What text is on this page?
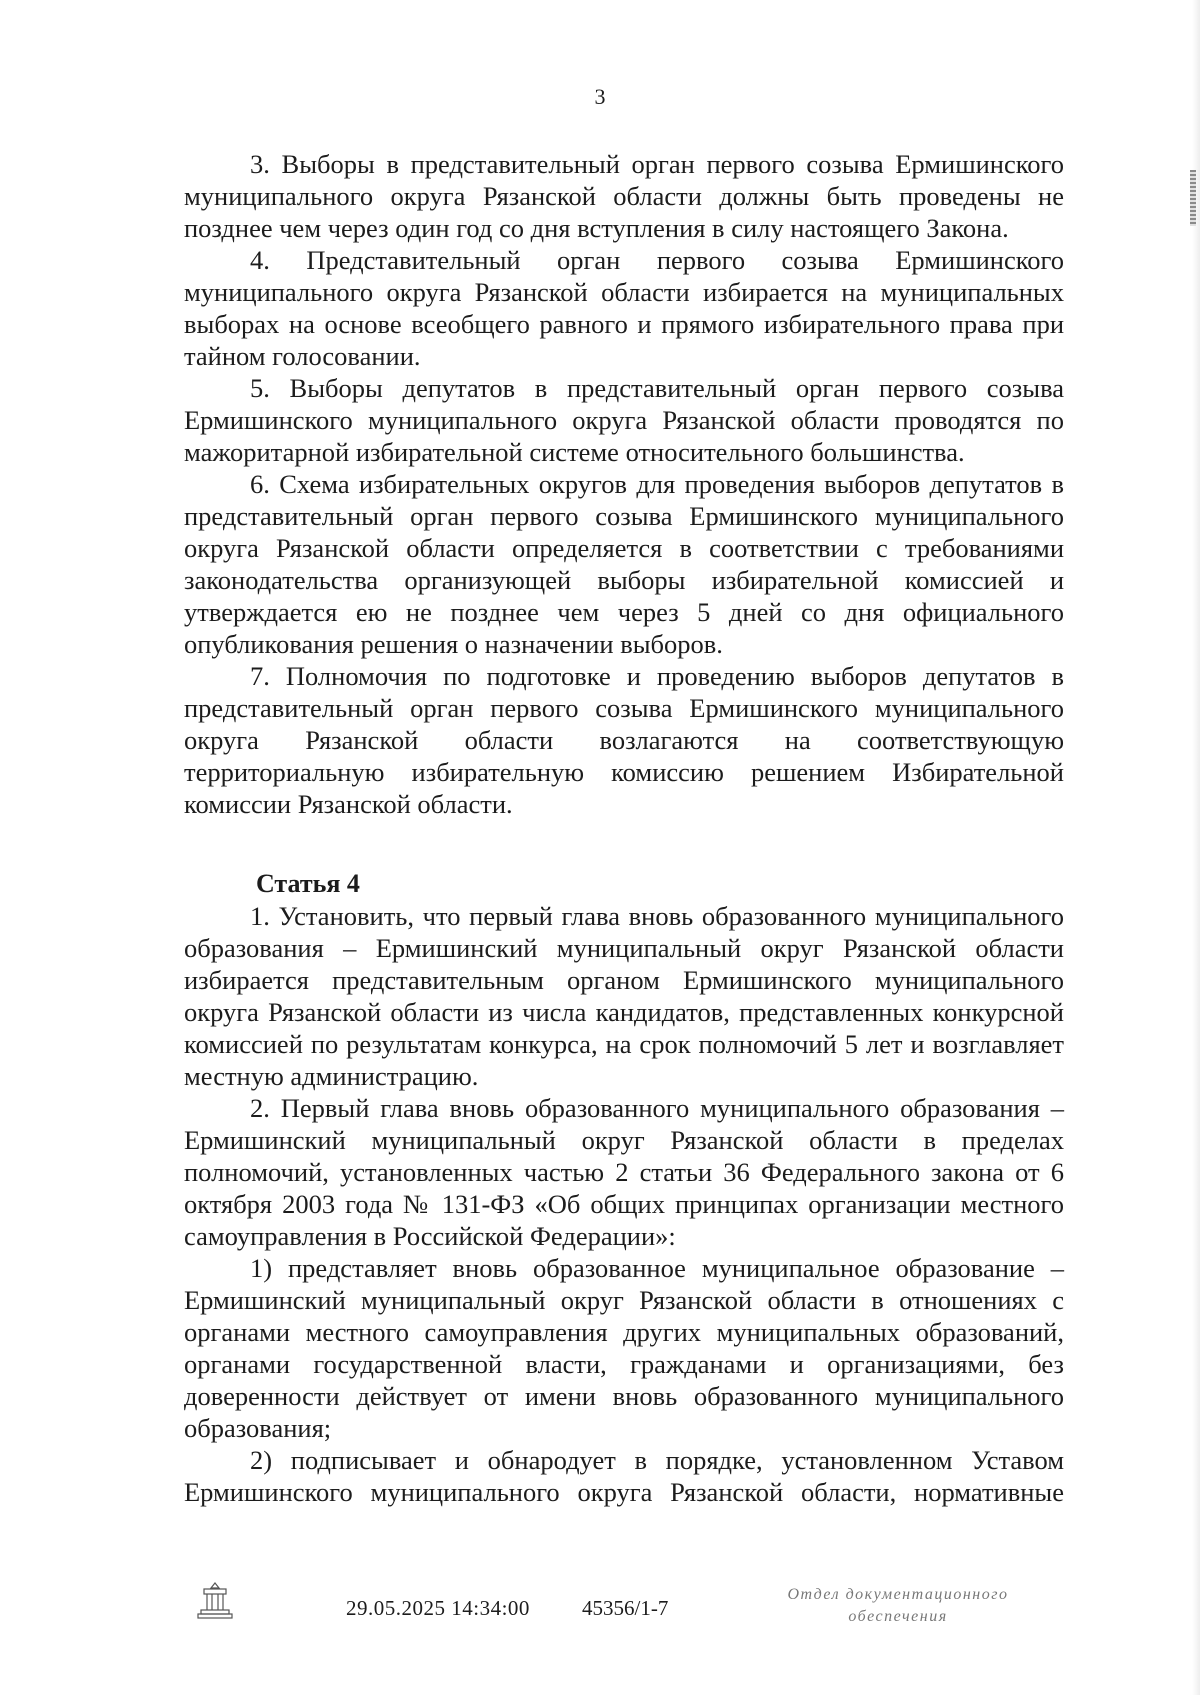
3

3. Выборы в представительный орган первого созыва Ермишинского муниципального округа Рязанской области должны быть проведены не позднее чем через один год со дня вступления в силу настоящего Закона.

4. Представительный орган первого созыва Ермишинского муниципального округа Рязанской области избирается на муниципальных выборах на основе всеобщего равного и прямого избирательного права при тайном голосовании.

5. Выборы депутатов в представительный орган первого созыва Ермишинского муниципального округа Рязанской области проводятся по мажоритарной избирательной системе относительного большинства.

6. Схема избирательных округов для проведения выборов депутатов в представительный орган первого созыва Ермишинского муниципального округа Рязанской области определяется в соответствии с требованиями законодательства организующей выборы избирательной комиссией и утверждается ею не позднее чем через 5 дней со дня официального опубликования решения о назначении выборов.

7. Полномочия по подготовке и проведению выборов депутатов в представительный орган первого созыва Ермишинского муниципального округа Рязанской области возлагаются на соответствующую территориальную избирательную комиссию решением Избирательной комиссии Рязанской области.

Статья 4

1. Установить, что первый глава вновь образованного муниципального образования – Ермишинский муниципальный округ Рязанской области избирается представительным органом Ермишинского муниципального округа Рязанской области из числа кандидатов, представленных конкурсной комиссией по результатам конкурса, на срок полномочий 5 лет и возглавляет местную администрацию.

2. Первый глава вновь образованного муниципального образования – Ермишинский муниципальный округ Рязанской области в пределах полномочий, установленных частью 2 статьи 36 Федерального закона от 6 октября 2003 года № 131-ФЗ «Об общих принципах организации местного самоуправления в Российской Федерации»:

1) представляет вновь образованное муниципальное образование – Ермишинский муниципальный округ Рязанской области в отношениях с органами местного самоуправления других муниципальных образований, органами государственной власти, гражданами и организациями, без доверенности действует от имени вновь образованного муниципального образования;

2) подписывает и обнародует в порядке, установленном Уставом Ермишинского муниципального округа Рязанской области, нормативные

29.05.2025 14:34:00 45356/1-7
Отдел документационного
обеспечения
